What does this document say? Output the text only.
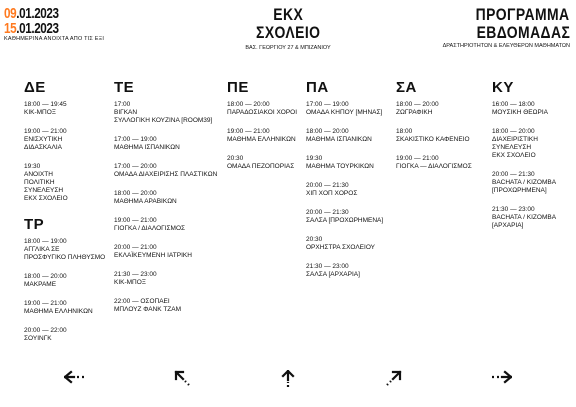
09.01.2023
15.01.2023
ΚΑΘΗΜΕΡΙΝΑ ΑΝΟΙΧΤΑ ΑΠΟ ΤΙΣ ΕΞΙ
ΕΚΧ
ΣΧΟΛΕΙΟ
ΒΑΣ. ΓΕΩΡΓΙΟΥ 27 & ΜΠΙΖΑΝΙΟΥ
ΠΡΟΓΡΑΜΜΑ
ΕΒΔΟΜΑΔΑΣ
ΔΡΑΣΤΗΡΙΟΤΗΤΩΝ & ΕΛΕΥΘΕΡΩΝ ΜΑΘΗΜΑΤΩΝ
ΔΕ
18:00 — 19:45
ΚΙΚ-ΜΠΟΞ
19:00 — 21:00
ΕΝΙΣΧΥΤΙΚΗ
ΔΙΔΑΣΚΑΛΙΑ
19:30
ΑΝΟΙΧΤΗ
ΠΟΛΙΤΙΚΗ
ΣΥΝΕΛΕΥΣΗ
ΕΚΧ ΣΧΟΛΕΙΟ
ΤΡ
18:00 — 19:00
ΑΓΓΛΙΚΑ ΣΕ
ΠΡΟΣΦΥΓΙΚΟ ΠΛΗΘΥΣΜΟ
18:00 — 20:00
ΜΑΚΡΑΜΕ
19:00 — 21:00
ΜΑΘΗΜΑ ΕΛΛΗΝΙΚΩΝ
20:00 — 22:00
ΣΟΥΙΝΓΚ
ΤΕ
17:00
ΒΙΓΚΑΝ
ΣΥΛΛΟΓΙΚΗ ΚΟΥΖΙΝΑ [ROOM39]
17:00 — 19:00
ΜΑΘΗΜΑ ΙΣΠΑΝΙΚΩΝ
17:00 — 20:00
ΟΜΑΔΑ ΔΙΑΧΕΙΡΙΣΗΣ ΠΛΑΣΤΙΚΩΝ
18:00 — 20:00
ΜΑΘΗΜΑ ΑΡΑΒΙΚΩΝ
19:00 — 21:00
ΓΙΟΓΚΑ / ΔΙΑΛΟΓΙΣΜΟΣ
20:00 — 21:00
ΕΚΛΑΪΚΕΥΜΕΝΗ ΙΑΤΡΙΚΗ
21:30 — 23:00
ΚΙΚ-ΜΠΟΞ
22:00 — ΟΣΟΠΑΕΙ
ΜΠΛΟΥΖ ΦΑΝΚ ΤΖΑΜ
ΠΕ
18:00 — 20:00
ΠΑΡΑΔΟΣΙΑΚΟΙ ΧΟΡΟΙ
19:00 — 21:00
ΜΑΘΗΜΑ ΕΛΛΗΝΙΚΩΝ
20:30
ΟΜΑΔΑ ΠΕΖΟΠΟΡΙΑΣ
ΠΑ
17:00 — 19:00
ΟΜΑΔΑ ΚΗΠΟΥ [ΜΗΝΑΣ]
18:00 — 20:00
ΜΑΘΗΜΑ ΙΣΠΑΝΙΚΩΝ
19:30
ΜΑΘΗΜΑ ΤΟΥΡΚΙΚΩΝ
20:00 — 21:30
ΧΙΠ ΧΟΠ ΧΟΡΟΣ
20:00 — 21:30
ΣΑΛΣΑ [ΠΡΟΧΩΡΗΜΕΝΑ]
20:30
ΟΡΧΗΣΤΡΑ ΣΧΟΛΕΙΟΥ
21:30 — 23:00
ΣΑΛΣΑ [ΑΡΧΑΡΙΑ]
ΣΑ
18:00 — 20:00
ΖΩΓΡΑΦΙΚΗ
18:00
ΣΚΑΚΙΣΤΙΚΟ ΚΑΦΕΝΕΙΟ
19:00 — 21:00
ΓΙΟΓΚΑ — ΔΙΑΛΟΓΙΣΜΟΣ
ΚΥ
16:00 — 18:00
ΜΟΥΣΙΚΗ ΘΕΩΡΙΑ
18:00 — 20:00
ΔΙΑΧΕΙΡΙΣΤΙΚΗ
ΣΥΝΕΛΕΥΣΗ
ΕΚΧ ΣΧΟΛΕΙΟ
20:00 — 21:30
BACHATA / KIZOMBA
[ΠΡΟΧΩΡΗΜΕΝΑ]
21:30 — 23:00
BACHATA / KIZOMBA
[ΑΡΧΑΡΙΑ]
